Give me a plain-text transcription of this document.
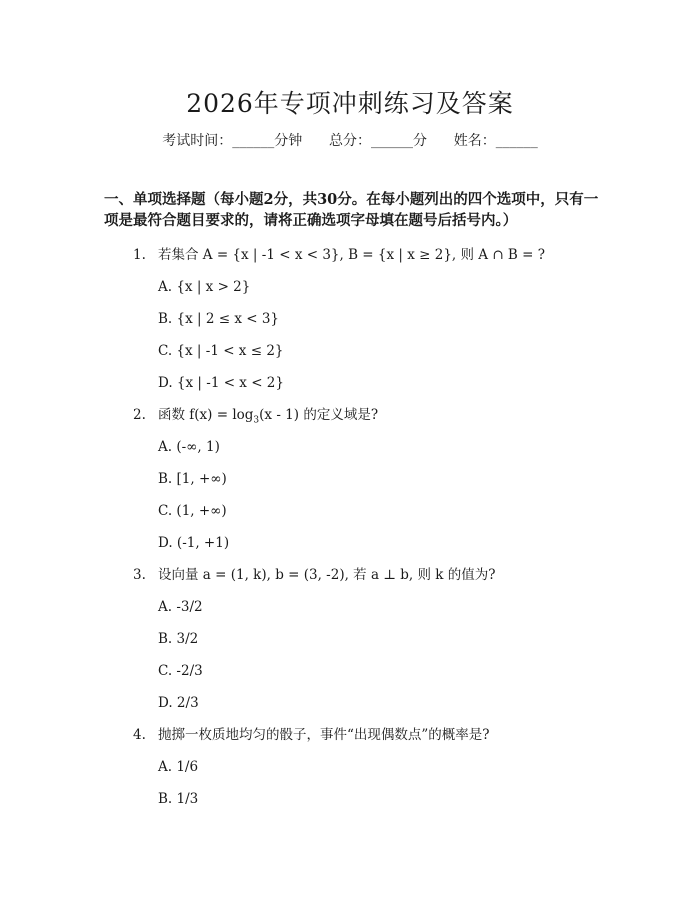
2026年专项冲刺练习及答案
考试时间：______分钟 总分：______分 姓名：______

一、单项选择题（每小题2分，共30分。在每小题列出的四个选项中，只有一项是最符合题目要求的，请将正确选项字母填在题号后括号内。）

1.

若集合 A = {x | -1 < x < 3}, B = {x | x ≥ 2}, 则 A ∩ B = ?

A. {x | x > 2}
B. {x | 2 ≤ x < 3}
C. {x | -1 < x ≤ 2}
D. {x | -1 < x < 2}
2. 函数 $f(x) = \log_3(x - 1)$ 的定义域是?
A. (-∞, 1)
B. [1, +∞)
C. (1, +∞)
D. (-1, +1)
3. 设向量 a = (1, k), b = (3, -2), 若 a ⊥ b, 则 k 的值为?
A. -3/2
B. 3/2
C. -2/3
D. 2/3
4. 抛掷一枚质地均匀的骰子，事件“出现偶数点”的概率是?
A. 1/6
B. 1/3
